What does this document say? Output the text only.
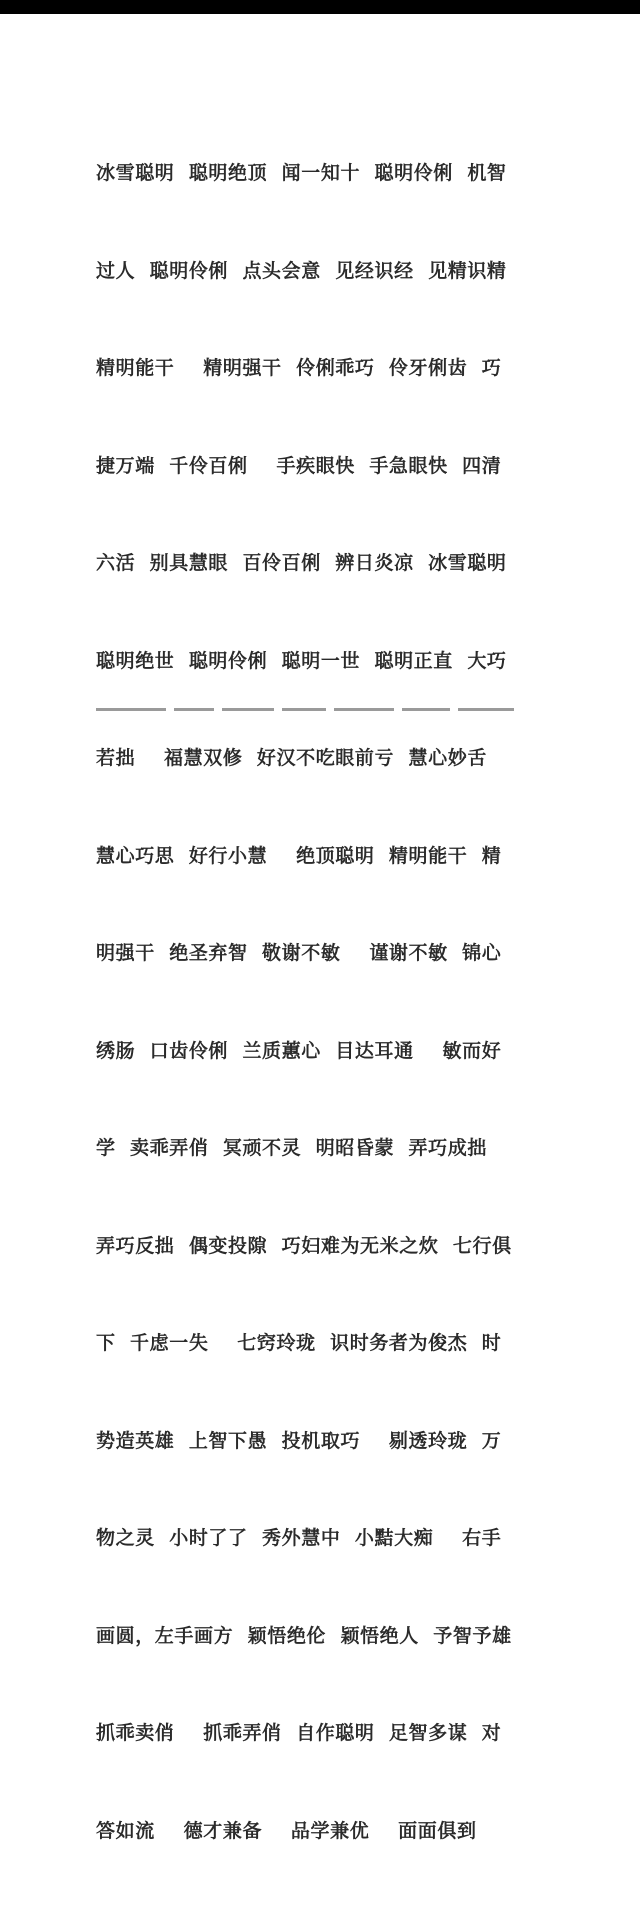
冰雪聪明  聪明绝顶  闻一知十  聪明伶俐  机智

过人  聪明伶俐  点头会意  见经识经  见精识精

精明能干    精明强干  伶俐乖巧  伶牙俐齿  巧

捷万端  千伶百俐    手疾眼快  手急眼快  四清

六活  别具慧眼  百伶百俐  辨日炎凉  冰雪聪明

聪明绝世  聪明伶俐  聪明一世  聪明正直  大巧

若拙    福慧双修  好汉不吃眼前亏  慧心妙舌

慧心巧思  好行小慧    绝顶聪明  精明能干  精

明强干  绝圣弃智  敬谢不敏    谨谢不敏  锦心

绣肠  口齿伶俐  兰质蕙心  目达耳通    敏而好

学  卖乖弄俏  冥顽不灵  明昭昏蒙  弄巧成拙

弄巧反拙  偶变投隙  巧妇难为无米之炊  七行俱

下  千虑一失    七窍玲珑  识时务者为俊杰  时

势造英雄  上智下愚  投机取巧    剔透玲珑  万

物之灵  小时了了  秀外慧中  小黠大痴    右手

画圆，左手画方  颖悟绝伦  颖悟绝人  予智予雄

抓乖卖俏    抓乖弄俏  自作聪明  足智多谋  对

答如流    德才兼备    品学兼优    面面俱到
